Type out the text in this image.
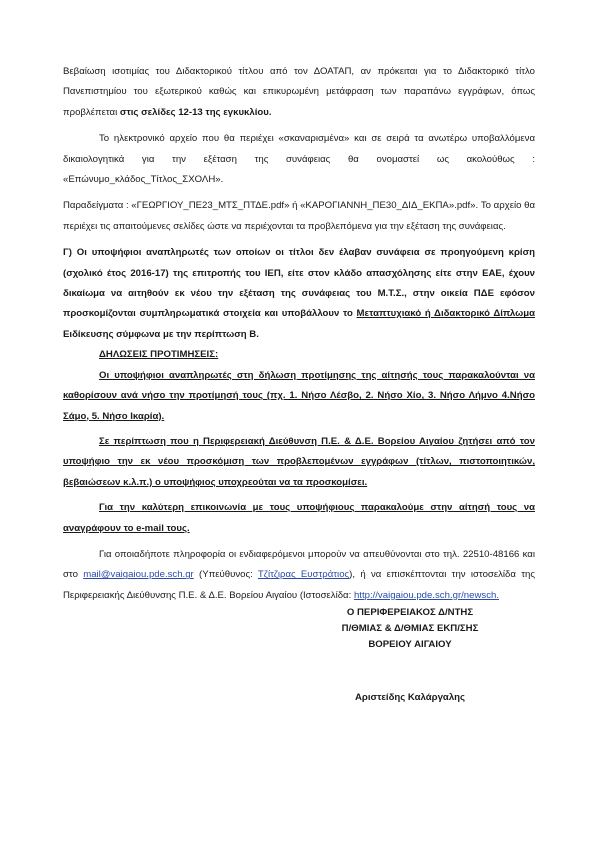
Βεβαίωση ισοτιμίας του Διδακτορικού τίτλου από τον ΔΟΑΤΑΠ, αν πρόκειται για το Διδακτορικό τίτλο Πανεπιστημίου του εξωτερικού καθώς και επικυρωμένη μετάφραση των παραπάνω εγγράφων, όπως προβλέπεται στις σελίδες 12-13 της εγκυκλίου.

Το ηλεκτρονικό αρχείο που θα περιέχει «σκαναρισμένα» και σε σειρά τα ανωτέρω υποβαλλόμενα δικαιολογητικά για την εξέταση της συνάφειας θα ονομαστεί ως ακολούθως : «Επώνυμο_κλάδος_Τίτλος_ΣΧΟΛΗ».

Παραδείγματα : «ΓΕΩΡΓΙΟΥ_ΠΕ23_ΜΤΣ_ΠΤΔΕ.pdf» ή «ΚΑΡΟΓΙΑΝΝΗ_ΠΕ30_ΔΙΔ_ΕΚΠΑ».pdf». Το αρχείο θα περιέχει τις απαιτούμενες σελίδες ώστε να περιέχονται τα προβλεπόμενα για την εξέταση της συνάφειας.

Γ) Οι υποψήφιοι αναπληρωτές των οποίων οι τίτλοι δεν έλαβαν συνάφεια σε προηγούμενη κρίση (σχολικό έτος 2016-17) της επιτροπής του ΙΕΠ, είτε στον κλάδο απασχόλησης είτε στην ΕΑΕ, έχουν δικαίωμα να αιτηθούν εκ νέου την εξέταση της συνάφειας του Μ.Τ.Σ., στην οικεία ΠΔΕ εφόσον προσκομίζονται συμπληρωματικά στοιχεία και υποβάλλουν το Μεταπτυχιακό ή Διδακτορικό Δίπλωμα Ειδίκευσης σύμφωνα με την περίπτωση Β.

ΔΗΛΩΣΕΙΣ ΠΡΟΤΙΜΗΣΕΙΣ:

Οι υποψήφιοι αναπληρωτές στη δήλωση προτίμησης της αίτησής τους παρακαλούνται να καθορίσουν ανά νήσο την προτίμησή τους (πχ. 1. Νήσο Λέσβο, 2. Νήσο Χίο, 3. Νήσο Λήμνο 4.Νήσο Σάμο, 5. Νήσο Ικαρία).

Σε περίπτωση που η Περιφερειακή Διεύθυνση Π.Ε. & Δ.Ε. Βορείου Αιγαίου ζητήσει από τον υποψήφιο την εκ νέου προσκόμιση των προβλεπομένων εγγράφων (τίτλων, πιστοποιητικών, βεβαιώσεων κ.λ.π.) ο υποψήφιος υποχρεούται να τα προσκομίσει.

Για την καλύτερη επικοινωνία με τους υποψήφιους παρακαλούμε στην αίτησή τους να αναγράφουν το e-mail τους.

Για οποιαδήποτε πληροφορία οι ενδιαφερόμενοι μπορούν να απευθύνονται στο τηλ. 22510-48166 και στο mail@vaigaiou.pde.sch.gr (Υπεύθυνος: Τζίτζιρας Ευστράτιος), ή να επισκέπτονται την ιστοσελίδα της Περιφερειακής Διεύθυνσης Π.Ε. & Δ.Ε. Βορείου Αιγαίου (Ιστοσελίδα: http://vaigaiou.pde.sch.gr/newsch.

Ο ΠΕΡΙΦΕΡΕΙΑΚΟΣ Δ/ΝΤΗΣ
Π/ΘΜΙΑΣ & Δ/ΘΜΙΑΣ ΕΚΠ/ΣΗΣ
ΒΟΡΕΙΟΥ ΑΙΓΑΙΟΥ
Αριστείδης Καλάργαλης
